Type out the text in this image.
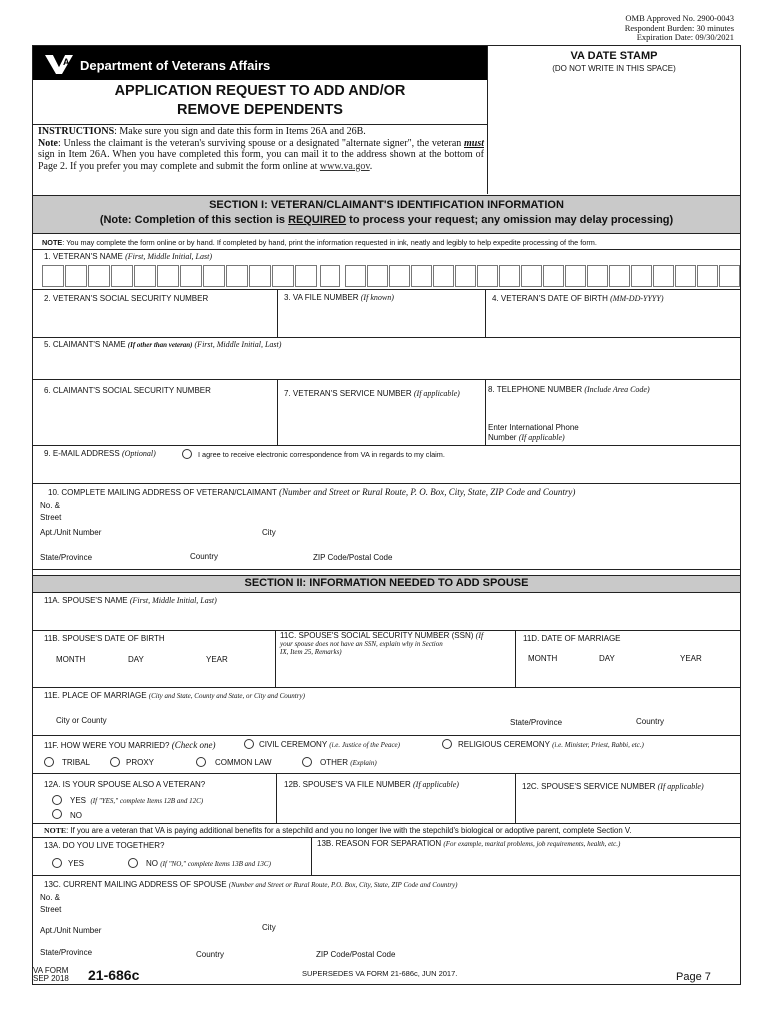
OMB Approved No. 2900-0043
Respondent Burden: 30 minutes
Expiration Date: 09/30/2021
A Department of Veterans Affairs
APPLICATION REQUEST TO ADD AND/OR
REMOVE DEPENDENTS
VA DATE STAMP
(DO NOT WRITE IN THIS SPACE)
INSTRUCTIONS: Make sure you sign and date this form in Items 26A and 26B.
Note: Unless the claimant is the veteran's surviving spouse or a designated "alternate signer", the veteran must sign in Item 26A. When you have completed this form, you can mail it to the address shown at the bottom of Page 2. If you prefer you may complete and submit the form online at www.va.gov.
SECTION I: VETERAN/CLAIMANT'S IDENTIFICATION INFORMATION
(Note: Completion of this section is REQUIRED to process your request; any omission may delay processing)
NOTE: You may complete the form online or by hand. If completed by hand, print the information requested in ink, neatly and legibly to help expedite processing of the form.
1. VETERAN'S NAME (First, Middle Initial, Last)
2. VETERAN'S SOCIAL SECURITY NUMBER	3. VA FILE NUMBER (If known)	4. VETERAN'S DATE OF BIRTH (MM-DD-YYYY)
5. CLAIMANT'S NAME (If other than veteran) (First, Middle Initial, Last)
6. CLAIMANT'S SOCIAL SECURITY NUMBER	7. VETERAN'S SERVICE NUMBER (If applicable)	8. TELEPHONE NUMBER (Include Area Code)
Enter International Phone
Number (If applicable)
9. E-MAIL ADDRESS (Optional)	I agree to receive electronic correspondence from VA in regards to my claim.
10. COMPLETE MAILING ADDRESS OF VETERAN/CLAIMANT (Number and Street or Rural Route, P. O. Box, City, State, ZIP Code and Country)
No. &
Street
Apt./Unit Number	City
State/Province	Country	ZIP Code/Postal Code
SECTION II: INFORMATION NEEDED TO ADD SPOUSE
11A. SPOUSE'S NAME (First, Middle Initial, Last)
11B. SPOUSE'S DATE OF BIRTH
MONTH	DAY	YEAR
11C. SPOUSE'S SOCIAL SECURITY NUMBER (SSN) (If
your spouse does not have an SSN, explain why in Section
IX, Item 25, Remarks)
11D. DATE OF MARRIAGE
MONTH	DAY	YEAR
11E. PLACE OF MARRIAGE (City and State, County and State, or City and Country)
City or County	State/Province	Country
11F. HOW WERE YOU MARRIED? (Check one)	CIVIL CEREMONY (i.e. Justice of the Peace)	RELIGIOUS CEREMONY (i.e. Minister, Priest, Rabbi, etc.)
TRIBAL	PROXY	COMMON LAW	OTHER (Explain)
12A. IS YOUR SPOUSE ALSO A VETERAN?
YES (If "YES," complete Items 12B and 12C)
NO
12B. SPOUSE'S VA FILE NUMBER (If applicable)	12C. SPOUSE'S SERVICE NUMBER (If applicable)
NOTE: If you are a veteran that VA is paying additional benefits for a stepchild and you no longer live with the stepchild's biological or adoptive parent, complete Section V.
13A. DO YOU LIVE TOGETHER?
YES	NO (If "NO," complete Items 13B and 13C)
13B. REASON FOR SEPARATION (For example, marital problems, job requirements, health, etc.)
13C. CURRENT MAILING ADDRESS OF SPOUSE (Number and Street or Rural Route, P.O. Box, City, State, ZIP Code and Country)
No. &
Street
Apt./Unit Number	City
State/Province	Country	ZIP Code/Postal Code
VA FORM
SEP 2018 21-686c	SUPERSEDES VA FORM 21-686c, JUN 2017.	Page 7
